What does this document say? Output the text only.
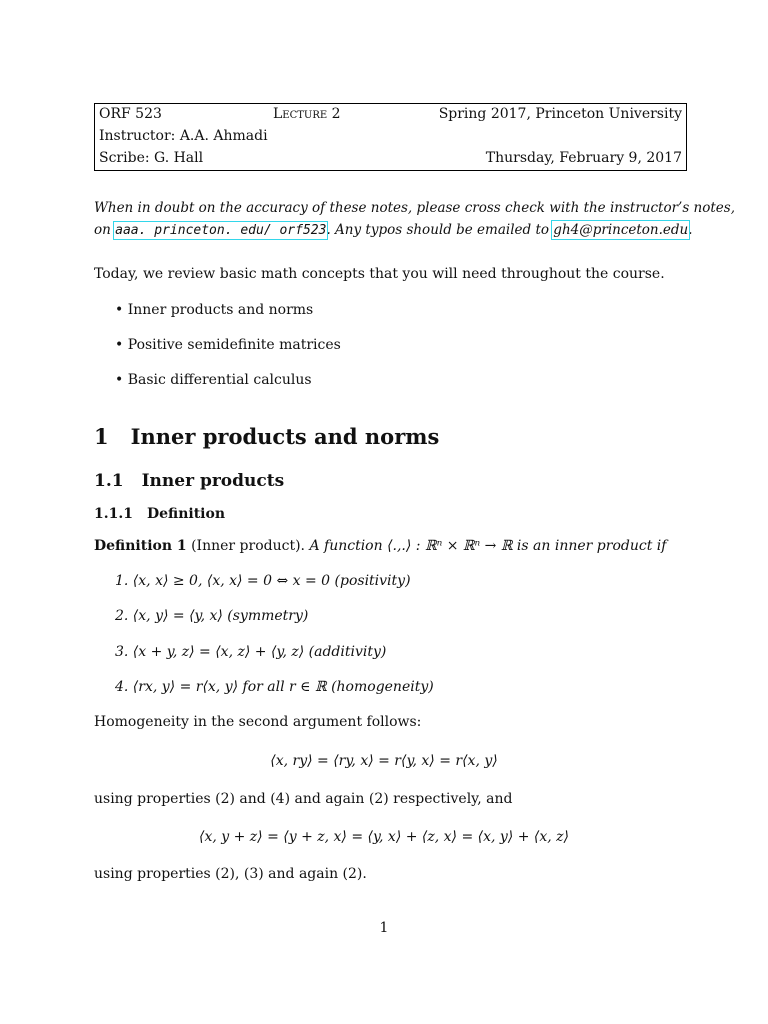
ORF 523	Lecture 2	Spring 2017, Princeton University
Instructor: A.A. Ahmadi
Scribe: G. Hall	Thursday, February 9, 2017
When in doubt on the accuracy of these notes, please cross check with the instructor’s notes,
on aaa. princeton. edu/ orf523. Any typos should be emailed to gh4@princeton.edu.
Today, we review basic math concepts that you will need throughout the course.
• Inner products and norms
• Positive semidefinite matrices
• Basic differential calculus
1 Inner products and norms
1.1 Inner products
1.1.1 Definition
Definition 1 (Inner product). A function ⟨.,.⟩ : ℝⁿ × ℝⁿ → ℝ is an inner product if
1. ⟨x, x⟩ ≥ 0, ⟨x, x⟩ = 0 ⇔ x = 0 (positivity)
2. ⟨x, y⟩ = ⟨y, x⟩ (symmetry)
3. ⟨x + y, z⟩ = ⟨x, z⟩ + ⟨y, z⟩ (additivity)
4. ⟨rx, y⟩ = r⟨x, y⟩ for all r ∈ ℝ (homogeneity)
Homogeneity in the second argument follows:
⟨x, ry⟩ = ⟨ry, x⟩ = r⟨y, x⟩ = r⟨x, y⟩
using properties (2) and (4) and again (2) respectively, and
⟨x, y + z⟩ = ⟨y + z, x⟩ = ⟨y, x⟩ + ⟨z, x⟩ = ⟨x, y⟩ + ⟨x, z⟩
using properties (2), (3) and again (2).
1
